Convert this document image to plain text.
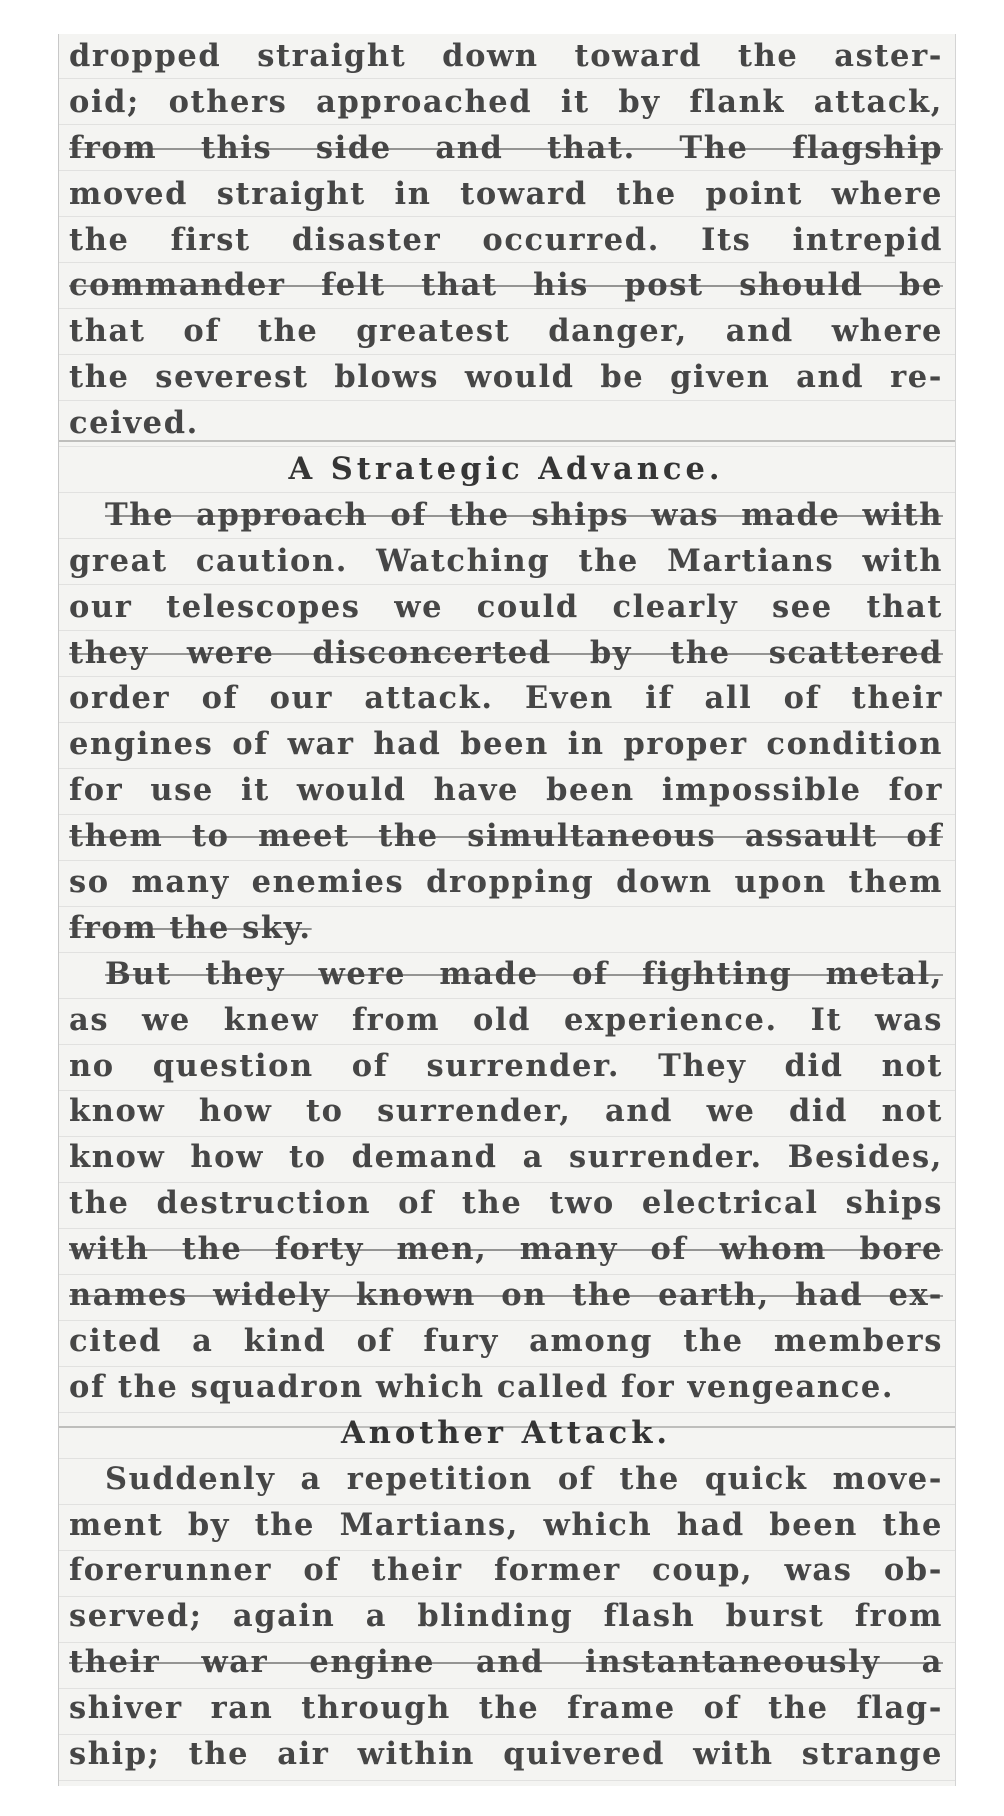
dropped straight down toward the aster-
oid; others approached it by flank attack,
from this side and that. The flagship
moved straight in toward the point where
the first disaster occurred. Its intrepid
commander felt that his post should be
that of the greatest danger, and where
the severest blows would be given and re-
ceived.
A Strategic Advance.
The approach of the ships was made with
great caution. Watching the Martians with
our telescopes we could clearly see that
they were disconcerted by the scattered
order of our attack. Even if all of their
engines of war had been in proper condition
for use it would have been impossible for
them to meet the simultaneous assault of
so many enemies dropping down upon them
from the sky.
But they were made of fighting metal,
as we knew from old experience. It was
no question of surrender. They did not
know how to surrender, and we did not
know how to demand a surrender. Besides,
the destruction of the two electrical ships
with the forty men, many of whom bore
names widely known on the earth, had ex-
cited a kind of fury among the members
of the squadron which called for vengeance.
Another Attack.
Suddenly a repetition of the quick move-
ment by the Martians, which had been the
forerunner of their former coup, was ob-
served; again a blinding flash burst from
their war engine and instantaneously a
shiver ran through the frame of the flag-
ship; the air within quivered with strange
